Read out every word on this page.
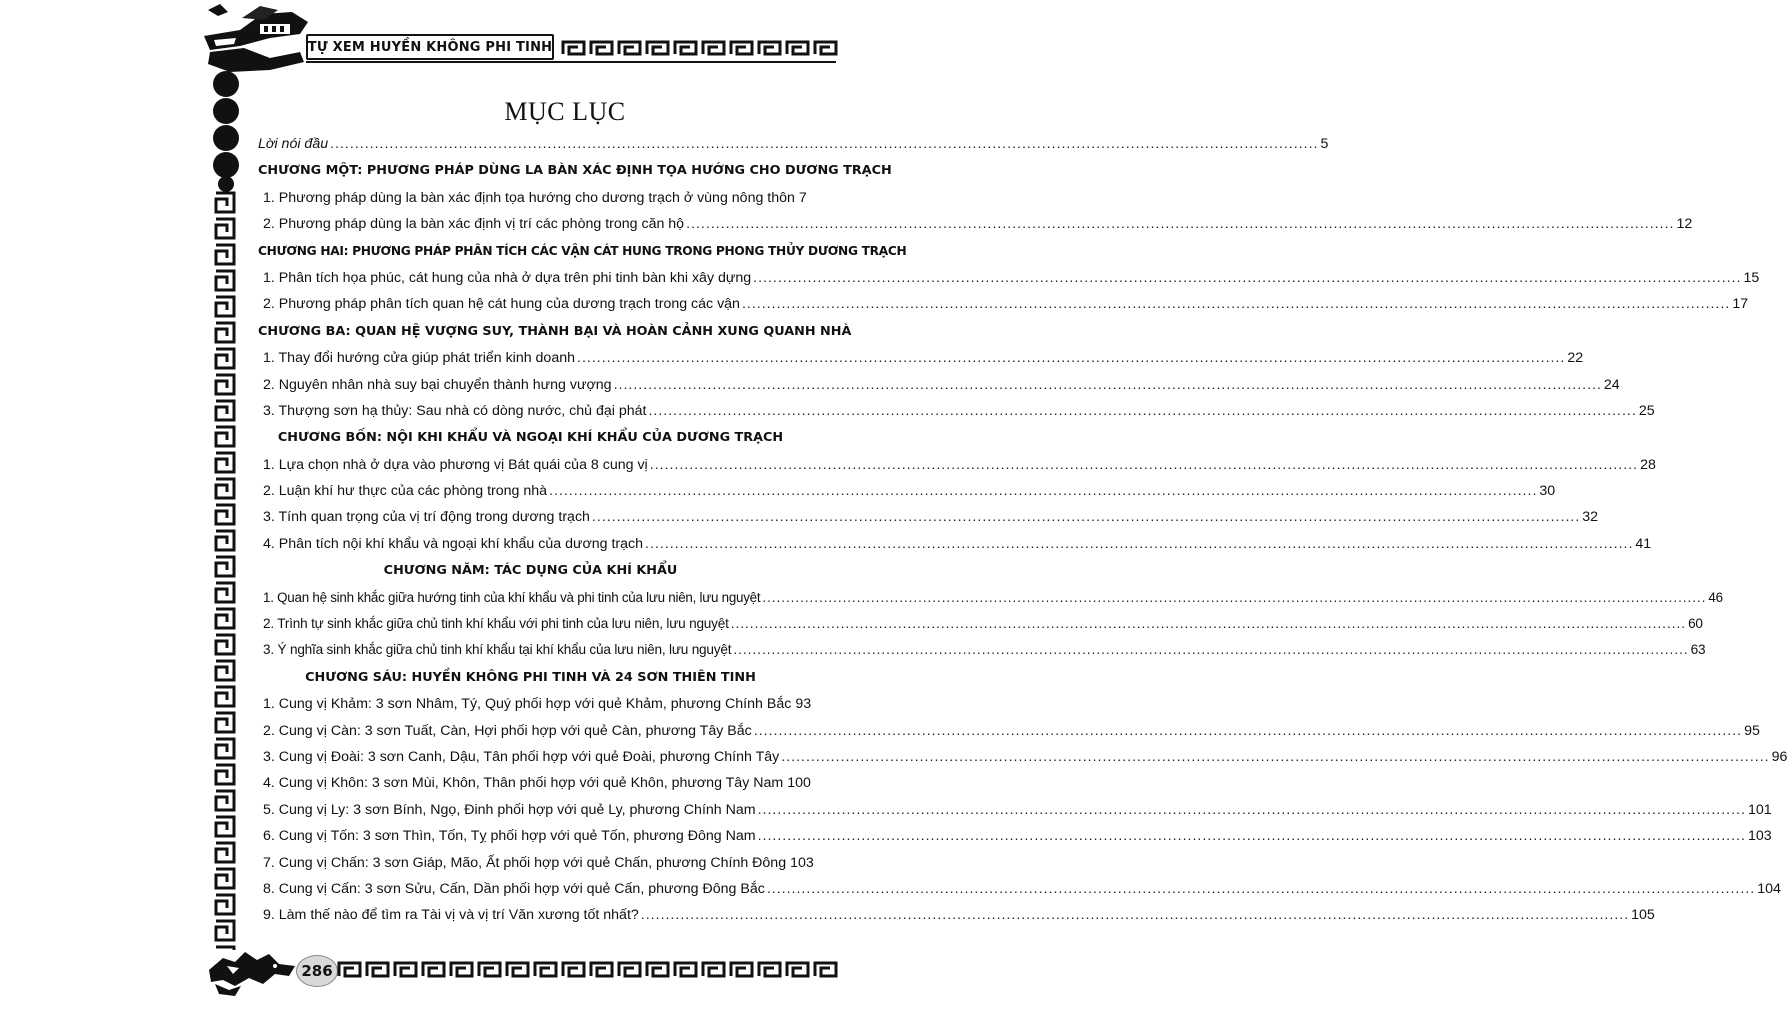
TỰ XEM HUYỀN KHÔNG PHI TINH
MỤC LỤC
Lời nói đầu .....	5
CHƯƠNG MỘT: PHƯƠNG PHÁP DÙNG LA BÀN XÁC ĐỊNH TỌA HƯỚNG CHO DƯƠNG TRẠCH
1. Phương pháp dùng la bàn xác định tọa hướng cho dương trạch ở vùng nông thôn 7
2. Phương pháp dùng la bàn xác định vị trí các phòng trong căn hộ .....	12
CHƯƠNG HAI: PHƯƠNG PHÁP PHÂN TÍCH CÁC VẬN CÁT HUNG TRONG PHONG THỦY DƯƠNG TRẠCH
1. Phân tích họa phúc, cát hung của nhà ở dựa trên phi tinh bàn khi xây dựng .....	15
2. Phương pháp phân tích quan hệ cát hung của dương trạch trong các vận .....	17
CHƯƠNG BA: QUAN HỆ VƯỢNG SUY, THÀNH BẠI VÀ HOÀN CẢNH XUNG QUANH NHÀ
1. Thay đổi hướng cửa giúp phát triển kinh doanh .....	22
2. Nguyên nhân nhà suy bại chuyển thành hưng vượng .....	24
3. Thượng sơn hạ thủy: Sau nhà có dòng nước, chủ đại phát .....	25
CHƯƠNG BỐN: NỘI KHI KHẨU VÀ NGOẠI KHÍ KHẨU CỦA DƯƠNG TRẠCH
1. Lựa chọn nhà ở dựa vào phương vị Bát quái của 8 cung vị .....	28
2. Luận khí hư thực của các phòng trong nhà .....	30
3. Tính quan trọng của vị trí động trong dương trạch .....	32
4. Phân tích nội khí khẩu và ngoại khí khẩu của dương trạch .....	41
CHƯƠNG NĂM: TÁC DỤNG CỦA KHÍ KHẨU
1. Quan hệ sinh khắc giữa hướng tinh của khí khẩu và phi tinh của lưu niên, lưu nguyệt .....	46
2. Trình tự sinh khắc giữa chủ tinh khí khẩu với phi tinh của lưu niên, lưu nguyệt .....	60
3. Ý nghĩa sinh khắc giữa chủ tinh khí khẩu tại khí khẩu của lưu niên, lưu nguyệt .....	63
CHƯƠNG SÁU: HUYỀN KHÔNG PHI TINH VÀ 24 SƠN THIÊN TINH
1. Cung vị Khảm: 3 sơn Nhâm, Tý, Quý phối hợp với quẻ Khảm, phương Chính Bắc 93
2. Cung vị Càn: 3 sơn Tuất, Càn, Hợi phối hợp với quẻ Càn, phương Tây Bắc .....	95
3. Cung vị Đoài: 3 sơn Canh, Dậu, Tân phối hợp với quẻ Đoài, phương Chính Tây .....	96
4. Cung vị Khôn: 3 sơn Mùi, Khôn, Thân phối hợp với quẻ Khôn, phương Tây Nam 100
5. Cung vị Ly: 3 sơn Bính, Ngọ, Đinh phối hợp với quẻ Ly, phương Chính Nam .....	101
6. Cung vị Tốn: 3 sơn Thìn, Tốn, Tỵ phối hợp với quẻ Tốn, phương Đông Nam .....	103
7. Cung vị Chấn: 3 sơn Giáp, Mão, Ất phối hợp với quẻ Chấn, phương Chính Đông 103
8. Cung vị Cấn: 3 sơn Sửu, Cấn, Dần phối hợp với quẻ Cấn, phương Đông Bắc .....	104
9. Làm thế nào để tìm ra Tài vị và vị trí Văn xương tốt nhất? .....	105
286
